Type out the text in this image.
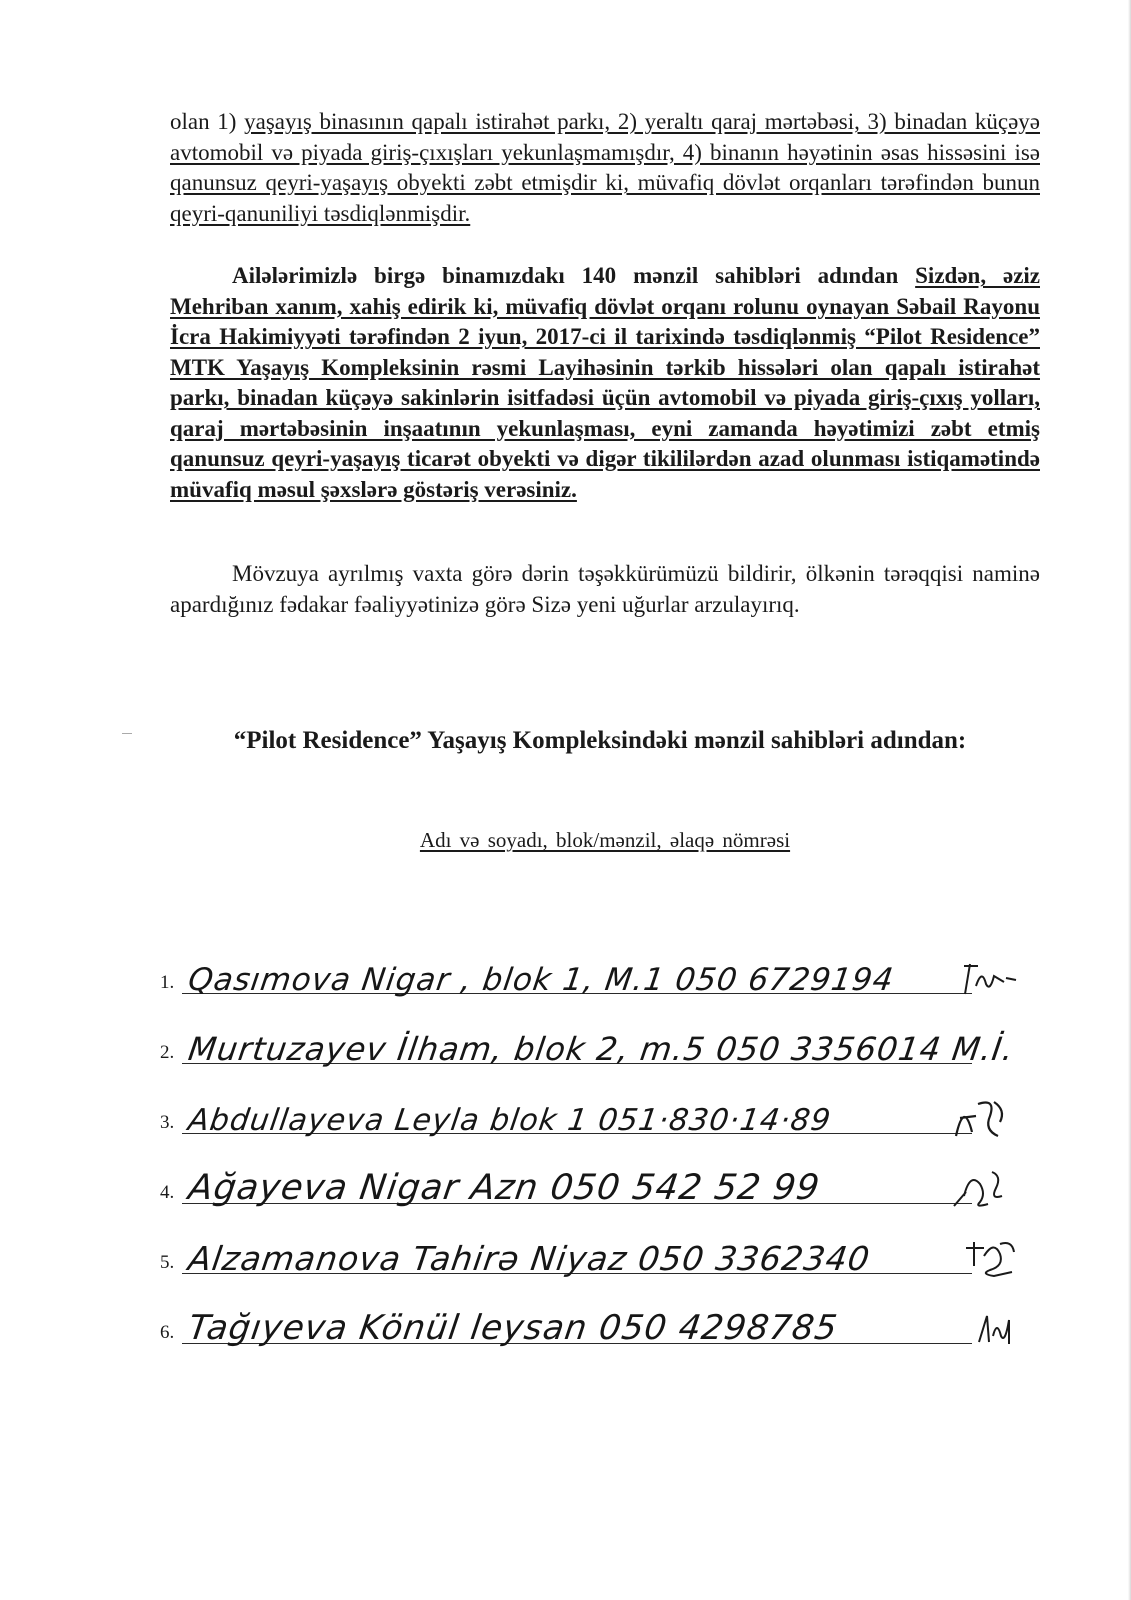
olan 1) yaşayış binasının qapalı istirahət parkı, 2) yeraltı qaraj mərtəbəsi, 3) binadan küçəyə avtomobil və piyada giriş-çıxışları yekunlaşmamışdır, 4) binanın həyətinin əsas hissəsini isə qanunsuz qeyri-yaşayış obyekti zəbt etmişdir ki, müvafiq dövlət orqanları tərəfindən bunun qeyri-qanuniliyi təsdiqlənmişdir.

Ailələrimizlə birgə binamızdakı 140 mənzil sahibləri adından Sizdən, əziz Mehriban xanım, xahiş edirik ki, müvafiq dövlət orqanı rolunu oynayan Səbail Rayonu İcra Hakimiyyəti tərəfindən 2 iyun, 2017-ci il tarixində təsdiqlənmiş “Pilot Residence” MTK Yaşayış Kompleksinin rəsmi Layihəsinin tərkib hissələri olan qapalı istirahət parkı, binadan küçəyə sakinlərin isitfadəsi üçün avtomobil və piyada giriş-çıxış yolları, qaraj mərtəbəsinin inşaatının yekunlaşması, eyni zamanda həyətimizi zəbt etmiş qanunsuz qeyri-yaşayış ticarət obyekti və digər tikililərdən azad olunması istiqamətində müvafiq məsul şəxslərə göstəriş verəsiniz.

Mövzuya ayrılmış vaxta görə dərin təşəkkürümüzü bildirir, ölkənin tərəqqisi naminə apardığınız fədakar fəaliyyətinizə görə Sizə yeni uğurlar arzulayırıq.

“Pilot Residence” Yaşayış Kompleksindəki mənzil sahibləri adından:
Adı və soyadı, blok/mənzil, əlaqə nömrəsi
1. Qasımova Nigar , blok 1, M.1 050 6729194
2. Murtuzayev İlham, blok 2, m.5 050 3356014 M.İ.
3. Abdullayeva Leyla blok 1 051·830·14·89
4. Ağayeva Nigar Azn 050 542 52 99
5. Alzamanova Tahirə Niyaz 050 3362340
6. Tağıyeva Könül leysan 050 4298785
